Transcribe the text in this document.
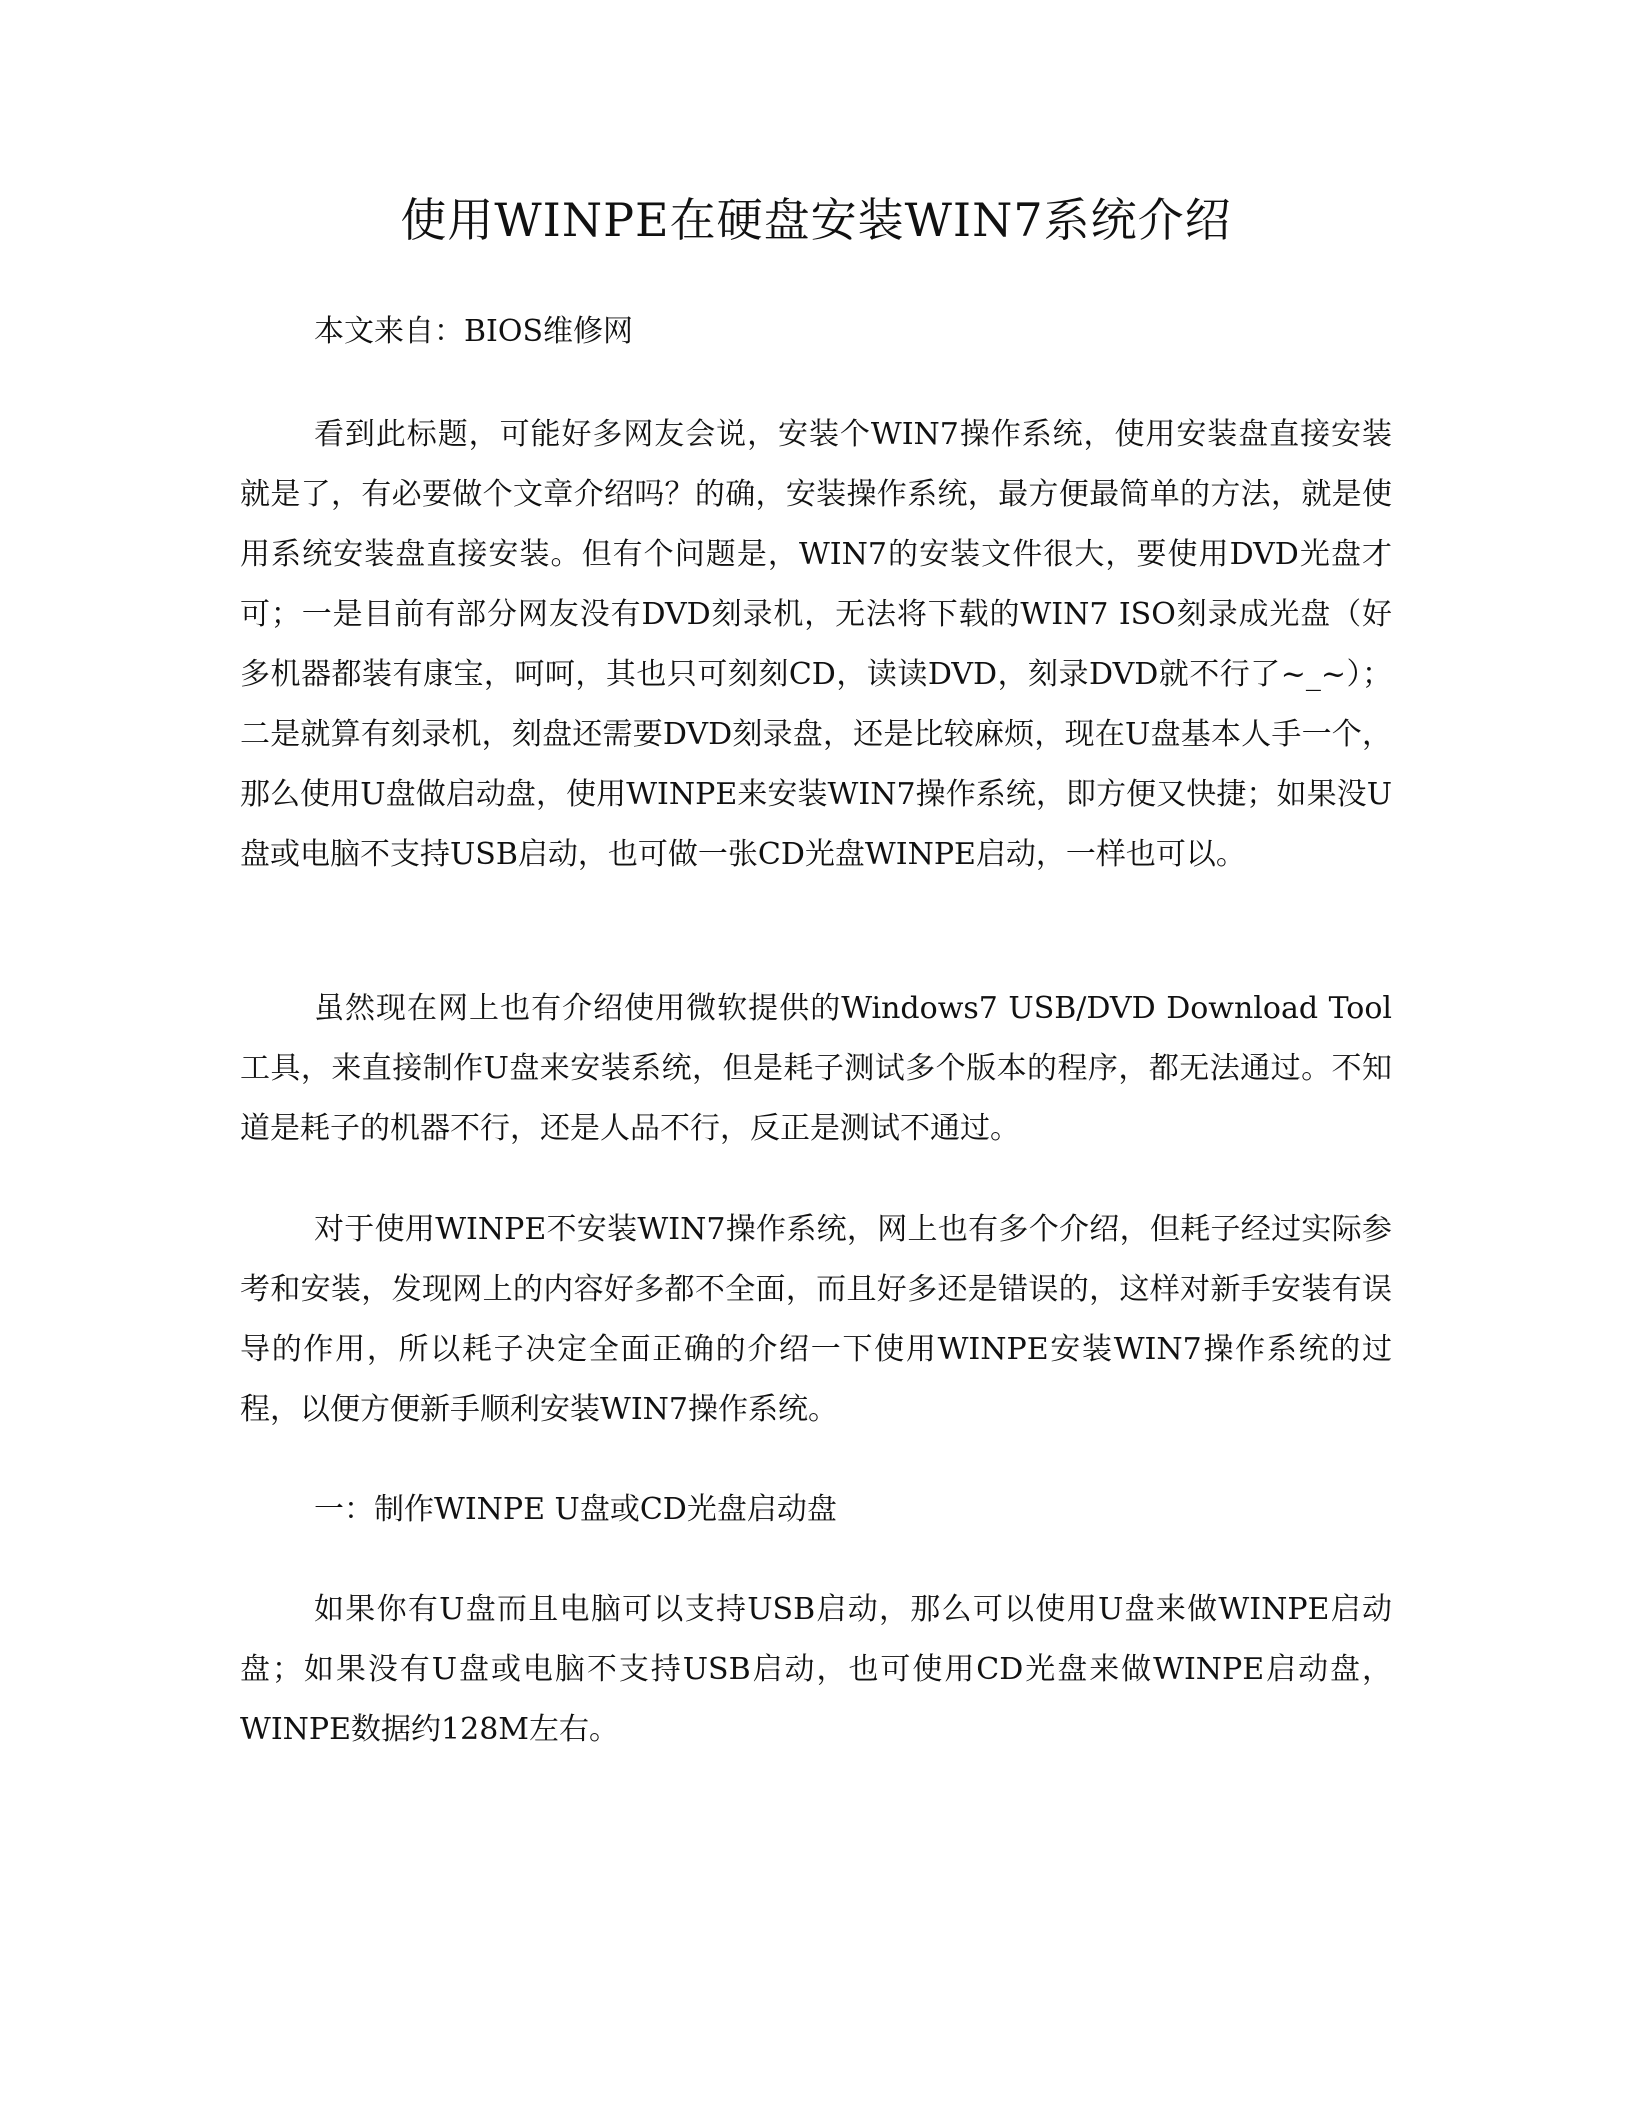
使用WINPE在硬盘安装WIN7系统介绍

本文来自：BIOS维修网

看到此标题，可能好多网友会说，安装个WIN7操作系统，使用安装盘直接安装就是了，有必要做个文章介绍吗？的确，安装操作系统，最方便最简单的方法，就是使用系统安装盘直接安装。但有个问题是，WIN7的安装文件很大，要使用DVD光盘才可；一是目前有部分网友没有DVD刻录机，无法将下载的WIN7 ISO刻录成光盘（好多机器都装有康宝，呵呵，其也只可刻刻CD，读读DVD，刻录DVD就不行了~_~）；二是就算有刻录机，刻盘还需要DVD刻录盘，还是比较麻烦，现在U盘基本人手一个，那么使用U盘做启动盘，使用WINPE来安装WIN7操作系统，即方便又快捷；如果没U盘或电脑不支持USB启动，也可做一张CD光盘WINPE启动，一样也可以。

虽然现在网上也有介绍使用微软提供的Windows7 USB/DVD Download Tool工具，来直接制作U盘来安装系统，但是耗子测试多个版本的程序，都无法通过。不知道是耗子的机器不行，还是人品不行，反正是测试不通过。

对于使用WINPE不安装WIN7操作系统，网上也有多个介绍，但耗子经过实际参考和安装，发现网上的内容好多都不全面，而且好多还是错误的，这样对新手安装有误导的作用，所以耗子决定全面正确的介绍一下使用WINPE安装WIN7操作系统的过程，以便方便新手顺利安装WIN7操作系统。

一：制作WINPE U盘或CD光盘启动盘

如果你有U盘而且电脑可以支持USB启动，那么可以使用U盘来做WINPE启动盘；如果没有U盘或电脑不支持USB启动，也可使用CD光盘来做WINPE启动盘，WINPE数据约128M左右。
